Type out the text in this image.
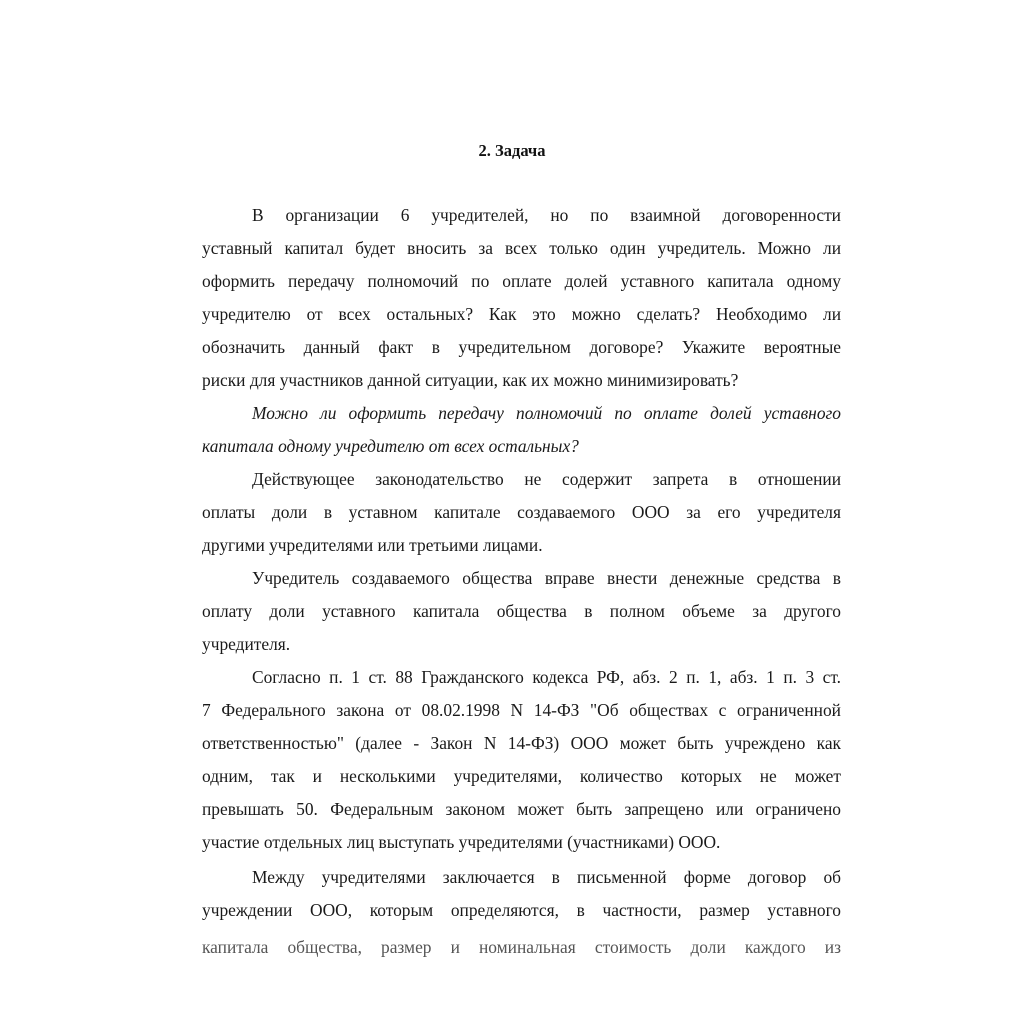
2. Задача
В организации 6 учредителей, но по взаимной договоренности
уставный капитал будет вносить за всех только один учредитель. Можно ли
оформить передачу полномочий по оплате долей уставного капитала одному
учредителю от всех остальных? Как это можно сделать? Необходимо ли
обозначить данный факт в учредительном договоре? Укажите вероятные
риски для участников данной ситуации, как их можно минимизировать?
Можно ли оформить передачу полномочий по оплате долей уставного
капитала одному учредителю от всех остальных?
Действующее законодательство не содержит запрета в отношении
оплаты доли в уставном капитале создаваемого ООО за его учредителя
другими учредителями или третьими лицами.
Учредитель создаваемого общества вправе внести денежные средства в
оплату доли уставного капитала общества в полном объеме за другого
учредителя.
Согласно п. 1 ст. 88 Гражданского кодекса РФ, абз. 2 п. 1, абз. 1 п. 3 ст.
7 Федерального закона от 08.02.1998 N 14-ФЗ "Об обществах с ограниченной
ответственностью" (далее - Закон N 14-ФЗ) ООО может быть учреждено как
одним, так и несколькими учредителями, количество которых не может
превышать 50. Федеральным законом может быть запрещено или ограничено
участие отдельных лиц выступать учредителями (участниками) ООО.
Между учредителями заключается в письменной форме договор об
учреждении ООО, которым определяются, в частности, размер уставного
капитала общества, размер и номинальная стоимость доли каждого из
